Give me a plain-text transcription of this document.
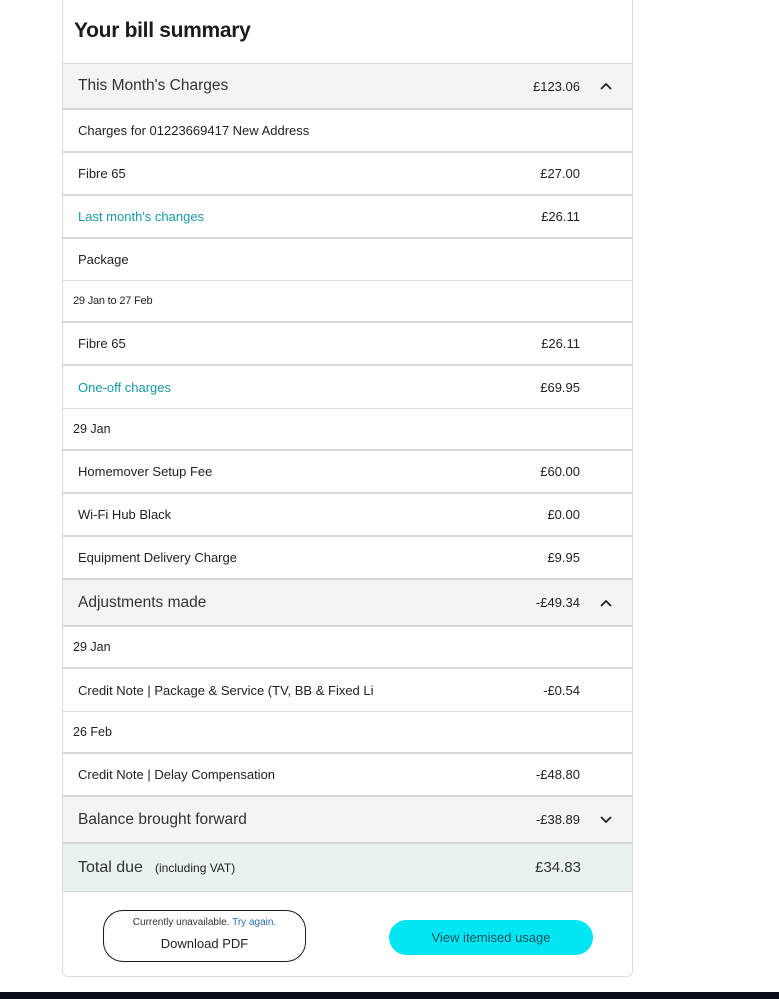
Your bill summary
This Month's Charges	£123.06
Charges for 01223669417 New Address
Fibre 65	£27.00
Last month's changes	£26.11
Package
29 Jan to 27 Feb
Fibre 65	£26.11
One-off charges	£69.95
29 Jan
Homemover Setup Fee	£60.00
Wi-Fi Hub Black	£0.00
Equipment Delivery Charge	£9.95
Adjustments made	-£49.34
29 Jan
Credit Note | Package & Service (TV, BB & Fixed Li	-£0.54
26 Feb
Credit Note | Delay Compensation	-£48.80
Balance brought forward	-£38.89
Total due (including VAT)	£34.83
Currently unavailable. Try again.
Download PDF	View itemised usage
